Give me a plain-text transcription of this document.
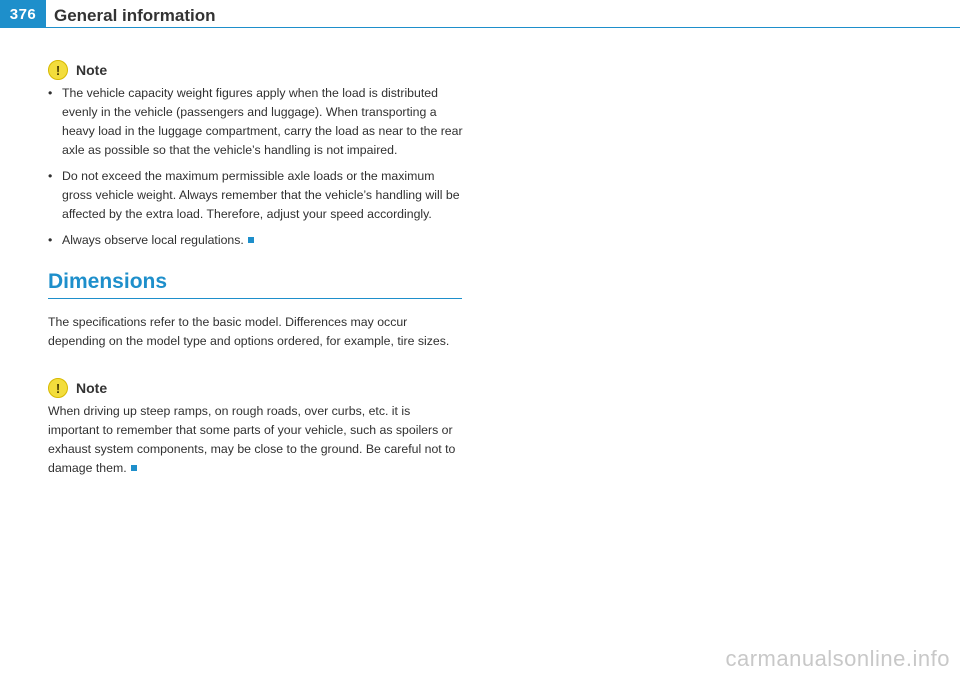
376	General information
!	Note
• The vehicle capacity weight figures apply when the load is distributed evenly in the vehicle (passengers and luggage). When transporting a heavy load in the luggage compartment, carry the load as near to the rear axle as possible so that the vehicle’s handling is not impaired.
• Do not exceed the maximum permissible axle loads or the maximum gross vehicle weight. Always remember that the vehicle’s handling will be affected by the extra load. Therefore, adjust your speed accordingly.
• Always observe local regulations.
Dimensions

The specifications refer to the basic model. Differences may occur depending on the model type and options ordered, for example, tire sizes.

!	Note

When driving up steep ramps, on rough roads, over curbs, etc. it is important to remember that some parts of your vehicle, such as spoilers or exhaust system components, may be close to the ground. Be careful not to damage them.

carmanualsonline.info
